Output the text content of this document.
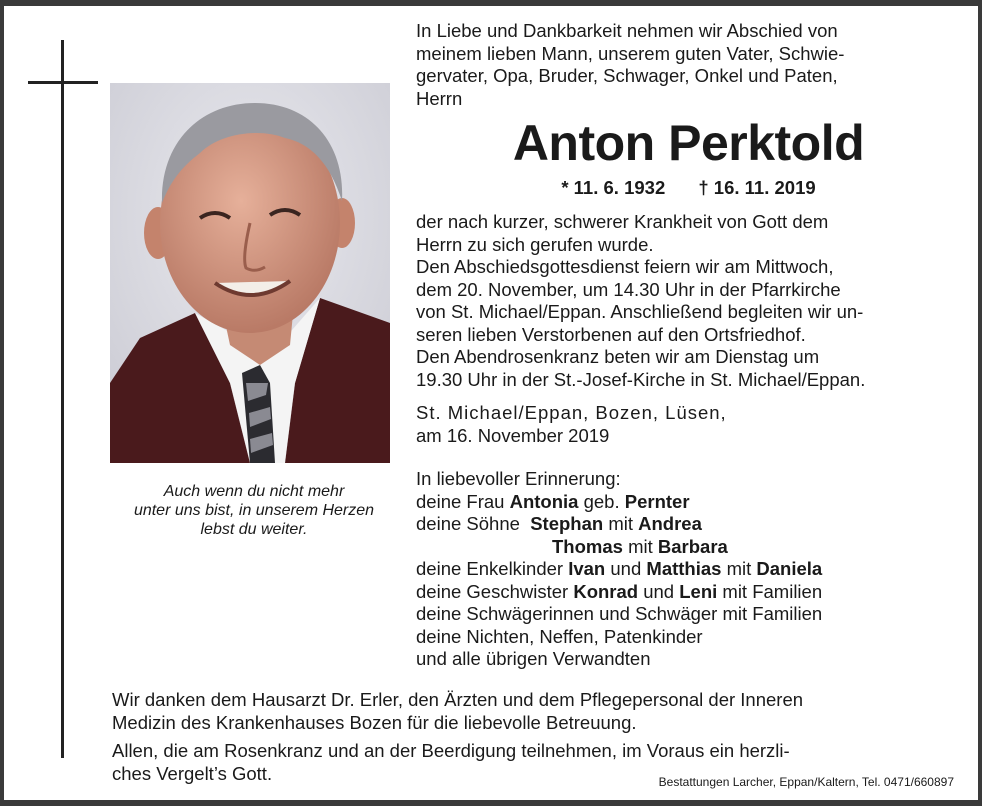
Auch wenn du nicht mehr
unter uns bist, in unserem Herzen
lebst du weiter.
In Liebe und Dankbarkeit nehmen wir Abschied von
meinem lieben Mann, unserem guten Vater, Schwie-
gervater, Opa, Bruder, Schwager, Onkel und Paten,
Herrn
Anton Perktold
* 11. 6. 1932 † 16. 11. 2019
der nach kurzer, schwerer Krankheit von Gott dem
Herrn zu sich gerufen wurde.
Den Abschiedsgottesdienst feiern wir am Mittwoch,
dem 20. November, um 14.30 Uhr in der Pfarrkirche
von St. Michael/Eppan. Anschließend begleiten wir un-
seren lieben Verstorbenen auf den Ortsfriedhof.
Den Abendrosenkranz beten wir am Dienstag um
19.30 Uhr in der St.-Josef-Kirche in St. Michael/Eppan.
St. Michael/Eppan, Bozen, Lüsen,
am 16. November 2019
In liebevoller Erinnerung:
deine Frau Antonia geb. Pernter
deine Söhne Stephan mit Andrea
Thomas mit Barbara
deine Enkelkinder Ivan und Matthias mit Daniela
deine Geschwister Konrad und Leni mit Familien
deine Schwägerinnen und Schwäger mit Familien
deine Nichten, Neffen, Patenkinder
und alle übrigen Verwandten

Wir danken dem Hausarzt Dr. Erler, den Ärzten und dem Pflegepersonal der Inneren
Medizin des Krankenhauses Bozen für die liebevolle Betreuung.

Allen, die am Rosenkranz und an der Beerdigung teilnehmen, im Voraus ein herzli-
ches Vergelt’s Gott.	Bestattungen Larcher, Eppan/Kaltern, Tel. 0471/660897
